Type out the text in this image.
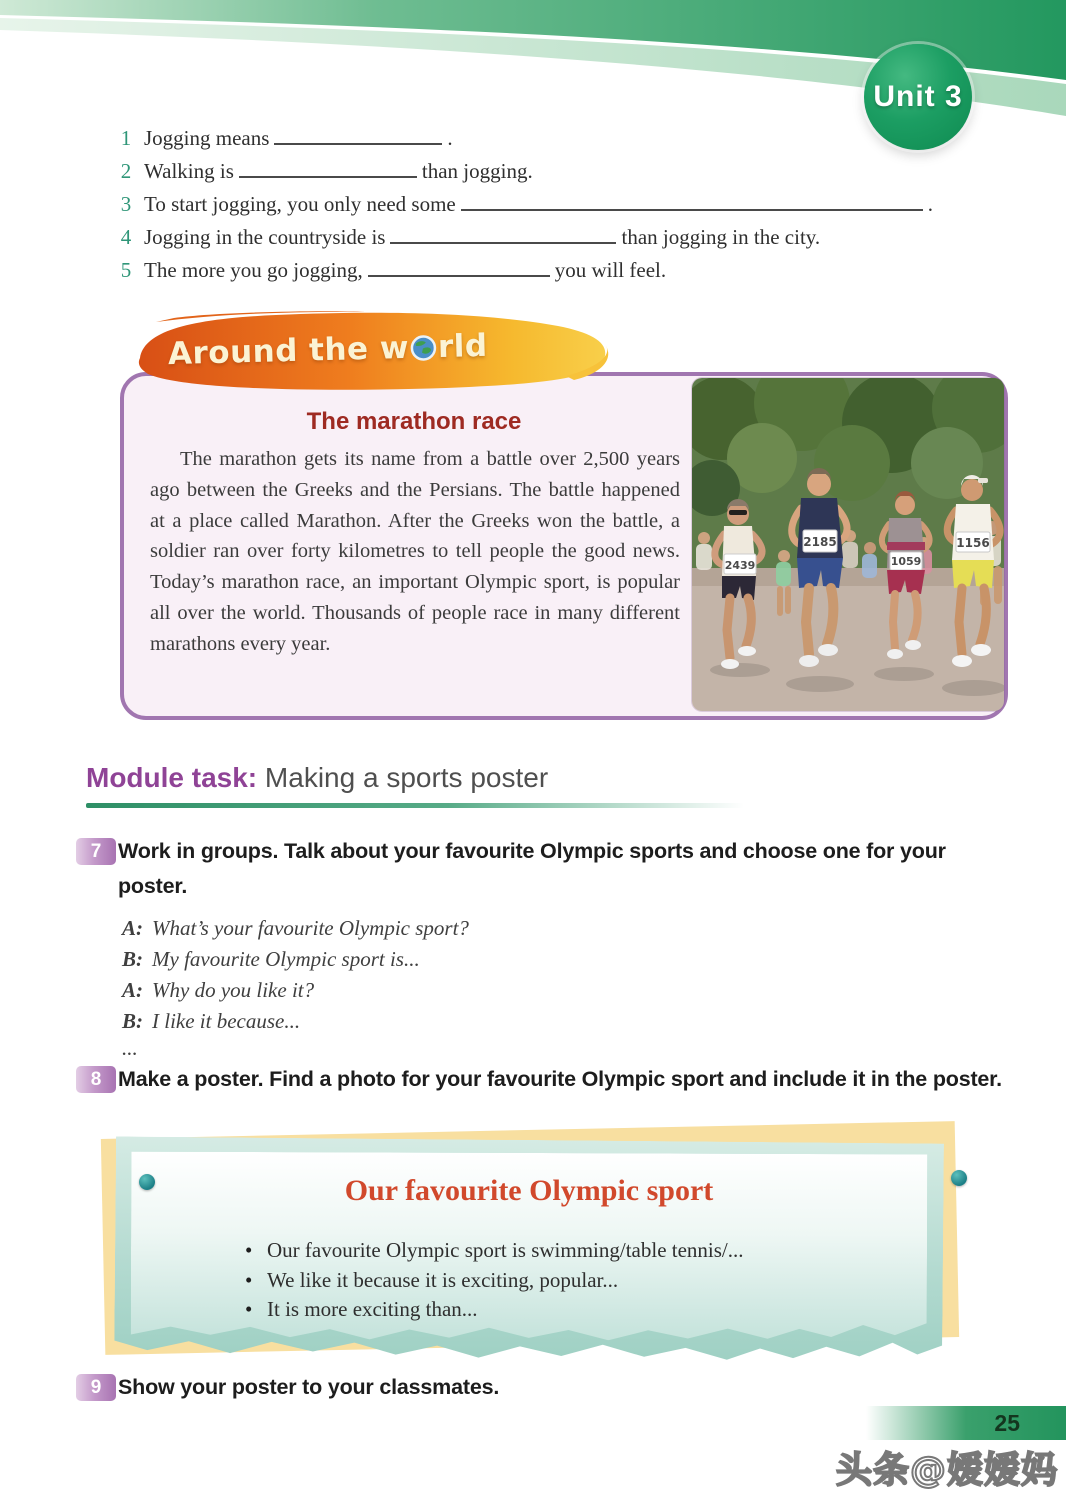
Unit 3
1 Jogging means	.
2 Walking is	than jogging.
3 To start jogging, you only need some	.
4 Jogging in the countryside is	than jogging in the city.
5 The more you go jogging,	you will feel.
Around the w rld
The marathon race
The marathon gets its name from a battle over 2,500 years ago between the Greeks and the Persians. The battle happened at a place called Marathon. After the Greeks won the battle, a soldier ran over forty kilometres to tell people the good news. Today’s marathon race, an important Olympic sport, is popular all over the world. Thousands of people race in many different marathons every year.
2439
2185
1059
1156
Module task: Making a sports poster
7 Work in groups. Talk about your favourite Olympic sports and choose one for your poster.
A: What’s your favourite Olympic sport?
B: My favourite Olympic sport is...
A: Why do you like it?
B: I like it because...
...
8 Make a poster. Find a photo for your favourite Olympic sport and include it in the poster.
Our favourite Olympic sport
• Our favourite Olympic sport is swimming/table tennis/...
• We like it because it is exciting, popular...
• It is more exciting than...
9 Show your poster to your classmates.
25
头条@嫒嫒妈
